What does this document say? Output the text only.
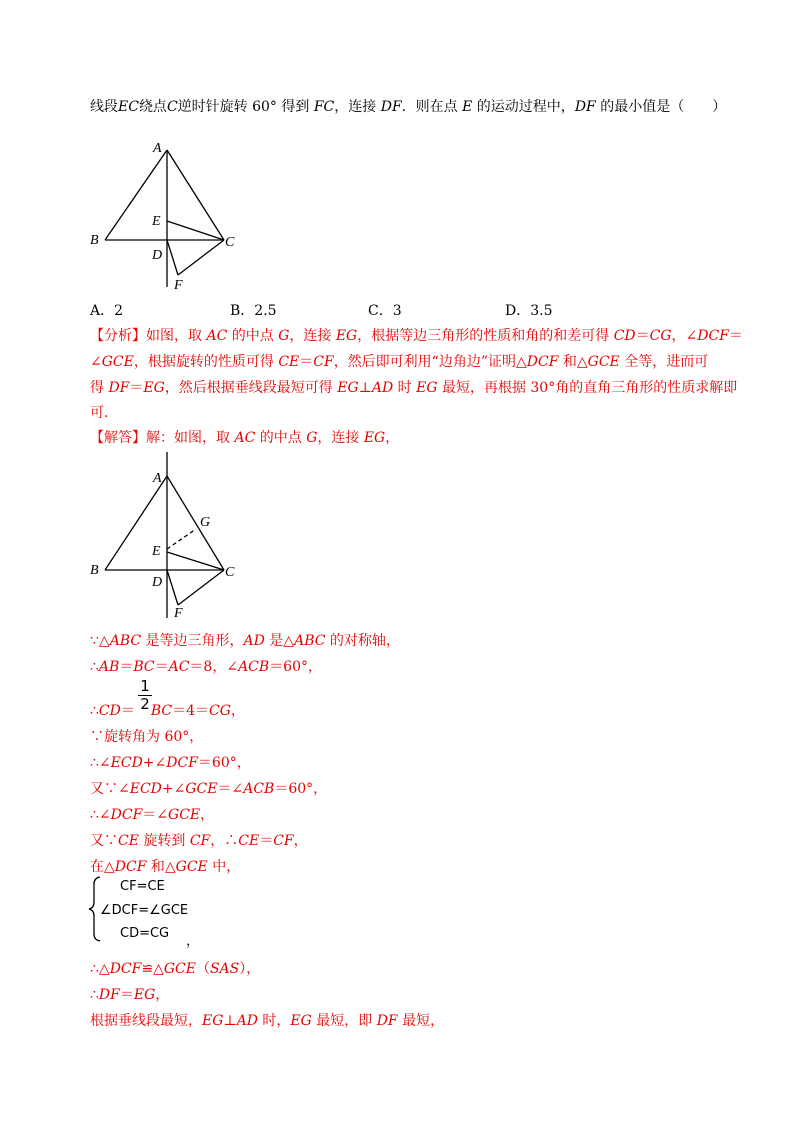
线段EC绕点C逆时针旋转 60° 得到 FC，连接 DF．则在点 E 的运动过程中，DF 的最小值是（　　）
A
B	C
E
D
F
A．2	B．2.5	C．3	D．3.5
【分析】如图，取 AC 的中点 G，连接 EG，根据等边三角形的性质和角的和差可得 CD＝CG，∠DCF＝
∠GCE，根据旋转的性质可得 CE＝CF，然后即可利用“边角边”证明△DCF 和△GCE 全等，进而可
得 DF＝EG，然后根据垂线段最短可得 EG⊥AD 时 EG 最短，再根据 30°角的直角三角形的性质求解即
可．
【解答】解：如图，取 AC 的中点 G，连接 EG，
A
B	C
E
D
F
G
∵△ABC 是等边三角形，AD 是△ABC 的对称轴，
∴AB＝BC＝AC＝8，∠ACB＝60°，
∴CD＝ BC＝4＝CG，
1
2
∵旋转角为 60°，
∴∠ECD+∠DCF＝60°，
又∵∠ECD+∠GCE＝∠ACB＝60°，
∴∠DCF＝∠GCE，
又∵CE 旋转到 CF，∴CE＝CF，
在△DCF 和△GCE 中，
CF=CE
∠DCF=∠GCE
CD=CG
，
∴△DCF≌△GCE（SAS），
∴DF＝EG，
根据垂线段最短，EG⊥AD 时，EG 最短，即 DF 最短，
